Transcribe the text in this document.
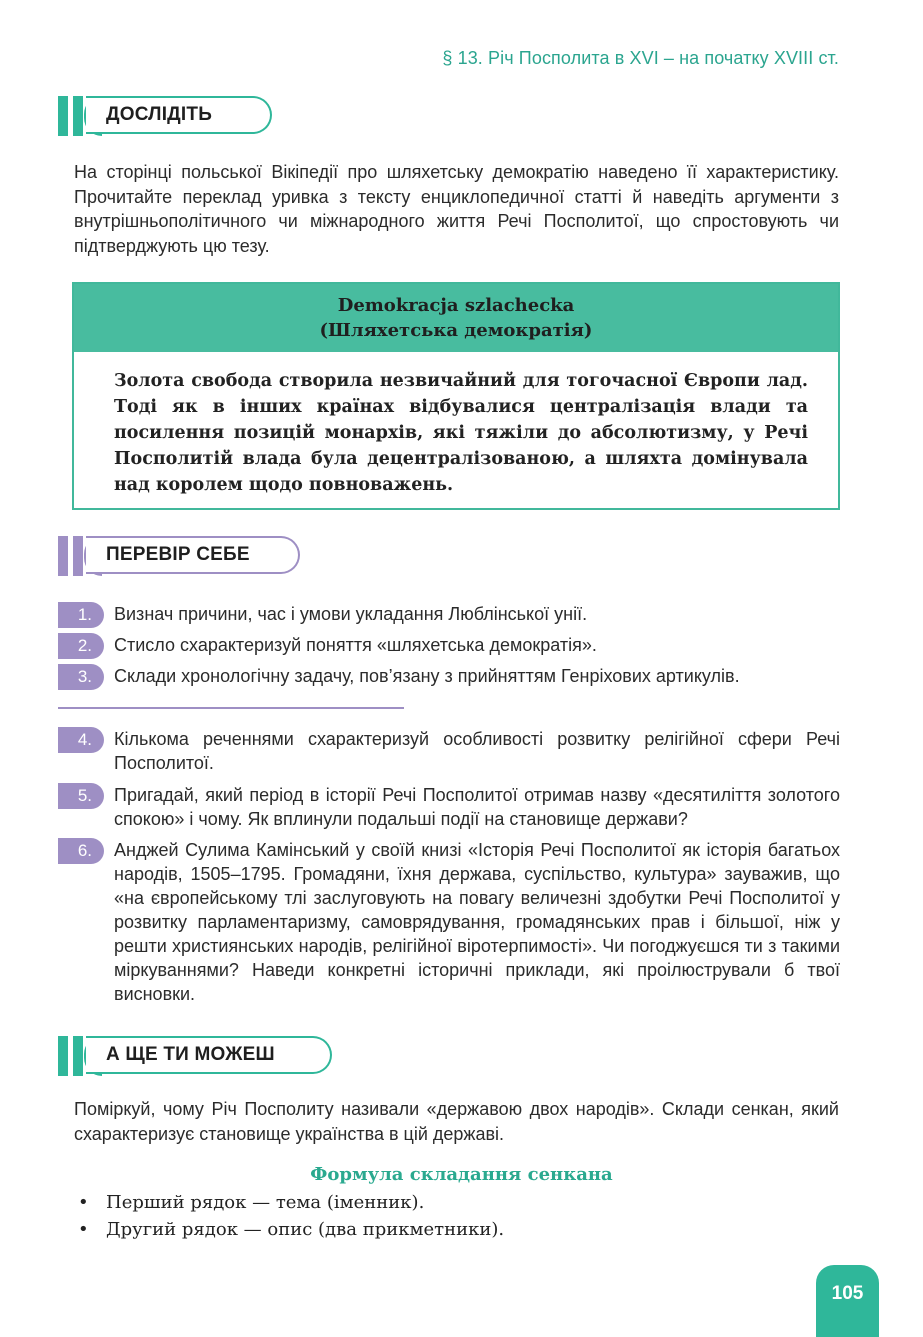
§ 13. Річ Посполита в XVI – на початку XVIII ст.
ДОСЛІДІТЬ
На сторінці польської Вікіпедії про шляхетську демократію наведено її характеристику. Прочитайте переклад уривка з тексту енциклопедичної статті й наведіть аргументи з внутрішньополітичного чи міжнародного життя Речі Посполитої, що спростовують чи підтверджують цю тезу.
Demokracja szlachecka
(Шляхетська демократія)
Золота свобода створила незвичайний для тогочасної Європи лад. Тоді як в інших країнах відбувалися централізація влади та посилення позицій монархів, які тяжіли до абсолютизму, у Речі Посполитій влада була децентралізованою, а шляхта домінувала над королем щодо повноважень.
ПЕРЕВІР СЕБЕ
1.	Визнач причини, час і умови укладання Люблінської унії.
2.	Стисло схарактеризуй поняття «шляхетська демократія».
3.	Склади хронологічну задачу, пов’язану з прийняттям Генріхових артикулів.
4.	Кількома реченнями схарактеризуй особливості розвитку релігійної сфери Речі Посполитої.
5.	Пригадай, який період в історії Речі Посполитої отримав назву «десятиліття золотого спокою» і чому. Як вплинули подальші події на становище держави?
6.	Анджей Сулима Камінський у своїй книзі «Історія Речі Посполитої як історія багатьох народів, 1505–1795. Громадяни, їхня держава, суспільство, культура» зауважив, що «на європейському тлі заслуговують на повагу величезні здобутки Речі Посполитої у розвитку парламентаризму, самоврядування, громадянських прав і більшої, ніж у решти християнських народів, релігійної віротерпимості». Чи погоджуєшся ти з такими міркуваннями? Наведи конкретні історичні приклади, які проілюстрували б твої висновки.
А ЩЕ ТИ МОЖЕШ
Поміркуй, чому Річ Посполиту називали «державою двох народів». Склади сенкан, який схарактеризує становище українства в цій державі.
Формула складання сенкана
• Перший рядок — тема (іменник).
• Другий рядок — опис (два прикметники).
105
